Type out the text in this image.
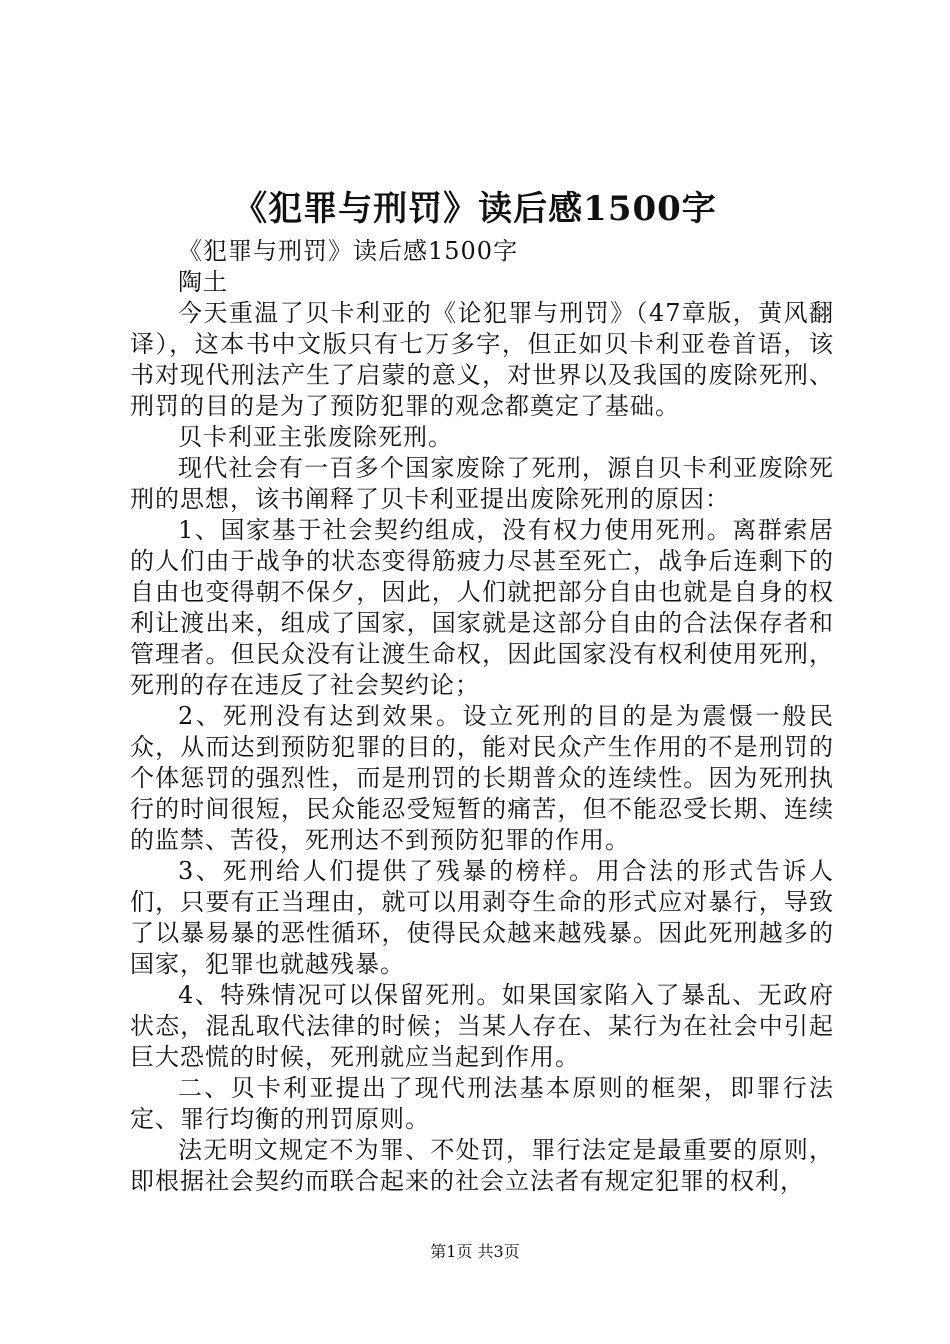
《犯罪与刑罚》读后感1500字

《犯罪与刑罚》读后感1500字

陶土

今天重温了贝卡利亚的《论犯罪与刑罚》（47章版，黄风翻译），这本书中文版只有七万多字，但正如贝卡利亚卷首语，该书对现代刑法产生了启蒙的意义，对世界以及我国的废除死刑、刑罚的目的是为了预防犯罪的观念都奠定了基础。

贝卡利亚主张废除死刑。

现代社会有一百多个国家废除了死刑，源自贝卡利亚废除死刑的思想，该书阐释了贝卡利亚提出废除死刑的原因：

1、国家基于社会契约组成，没有权力使用死刑。离群索居的人们由于战争的状态变得筋疲力尽甚至死亡，战争后连剩下的自由也变得朝不保夕，因此，人们就把部分自由也就是自身的权利让渡出来，组成了国家，国家就是这部分自由的合法保存者和管理者。但民众没有让渡生命权，因此国家没有权利使用死刑，死刑的存在违反了社会契约论；

2、死刑没有达到效果。设立死刑的目的是为震慑一般民众，从而达到预防犯罪的目的，能对民众产生作用的不是刑罚的个体惩罚的强烈性，而是刑罚的长期普众的连续性。因为死刑执行的时间很短，民众能忍受短暂的痛苦，但不能忍受长期、连续的监禁、苦役，死刑达不到预防犯罪的作用。

3、死刑给人们提供了残暴的榜样。用合法的形式告诉人们，只要有正当理由，就可以用剥夺生命的形式应对暴行，导致了以暴易暴的恶性循环，使得民众越来越残暴。因此死刑越多的国家，犯罪也就越残暴。

4、特殊情况可以保留死刑。如果国家陷入了暴乱、无政府状态，混乱取代法律的时候；当某人存在、某行为在社会中引起巨大恐慌的时候，死刑就应当起到作用。

二、贝卡利亚提出了现代刑法基本原则的框架，即罪行法定、罪行均衡的刑罚原则。

法无明文规定不为罪、不处罚，罪行法定是最重要的原则，即根据社会契约而联合起来的社会立法者有规定犯罪的权利，

第1页 共3页
